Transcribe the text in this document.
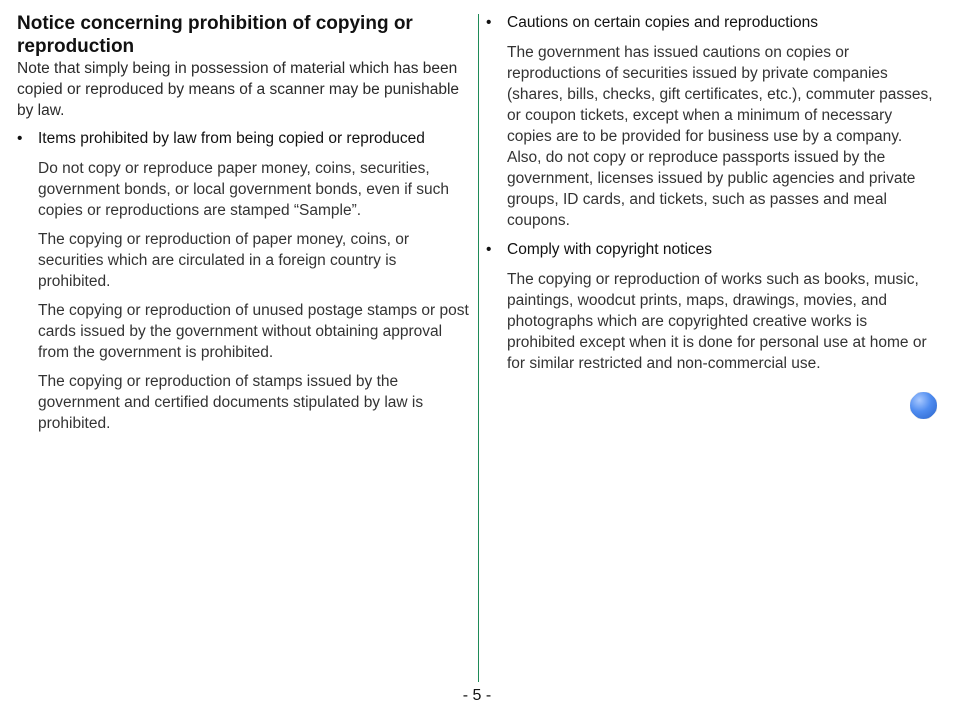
Notice concerning prohibition of copying or reproduction

Note that simply being in possession of material which has been copied or reproduced by means of a scanner may be punishable by law.

• Items prohibited by law from being copied or reproduced

Do not copy or reproduce paper money, coins, securities, government bonds, or local government bonds, even if such copies or reproductions are stamped “Sample”.

The copying or reproduction of paper money, coins, or securities which are circulated in a foreign country is prohibited.

The copying or reproduction of unused postage stamps or post cards issued by the government without obtaining approval from the government is prohibited.

The copying or reproduction of stamps issued by the government and certified documents stipulated by law is prohibited.

• Cautions on certain copies and reproductions

The government has issued cautions on copies or reproductions of securities issued by private companies (shares, bills, checks, gift certificates, etc.), commuter passes, or coupon tickets, except when a minimum of necessary copies are to be provided for business use by a company. Also, do not copy or reproduce passports issued by the government, licenses issued by public agencies and private groups, ID cards, and tickets, such as passes and meal coupons.

• Comply with copyright notices

The copying or reproduction of works such as books, music, paintings, woodcut prints, maps, drawings, movies, and photographs which are copyrighted creative works is prohibited except when it is done for personal use at home or for similar restricted and non-commercial use.

- 5 -
